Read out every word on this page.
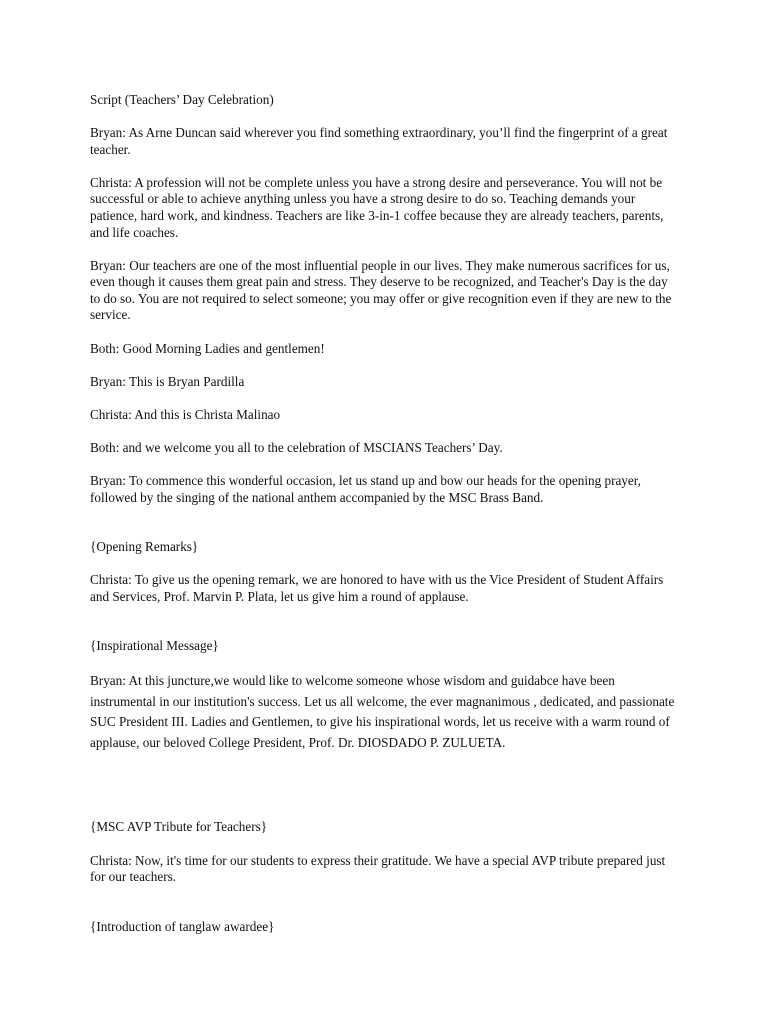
Script (Teachers’ Day Celebration)

Bryan: As Arne Duncan said wherever you find something extraordinary, you’ll find the fingerprint of a great teacher.

Christa: A profession will not be complete unless you have a strong desire and perseverance. You will not be successful or able to achieve anything unless you have a strong desire to do so. Teaching demands your patience, hard work, and kindness. Teachers are like 3-in-1 coffee because they are already teachers, parents, and life coaches.

Bryan: Our teachers are one of the most influential people in our lives. They make numerous sacrifices for us, even though it causes them great pain and stress. They deserve to be recognized, and Teacher's Day is the day to do so. You are not required to select someone; you may offer or give recognition even if they are new to the service.

Both: Good Morning Ladies and gentlemen!

Bryan: This is Bryan Pardilla

Christa: And this is Christa Malinao

Both: and we welcome you all to the celebration of MSCIANS Teachers’ Day.

Bryan: To commence this wonderful occasion, let us stand up and bow our heads for the opening prayer, followed by the singing of the national anthem accompanied by the MSC Brass Band.

{Opening Remarks}

Christa: To give us the opening remark, we are honored to have with us the Vice President of Student Affairs and Services, Prof. Marvin P. Plata, let us give him a round of applause.

{Inspirational Message}

Bryan: At this juncture,we would like to welcome someone whose wisdom and guidabce have been instrumental in our institution's success. Let us all welcome, the ever magnanimous , dedicated, and passionate SUC President III. Ladies and Gentlemen, to give his inspirational words, let us receive with a warm round of applause, our beloved College President, Prof. Dr. DIOSDADO P. ZULUETA.

{MSC AVP Tribute for Teachers}

Christa: Now, it's time for our students to express their gratitude. We have a special AVP tribute prepared just for our teachers.

{Introduction of tanglaw awardee}
